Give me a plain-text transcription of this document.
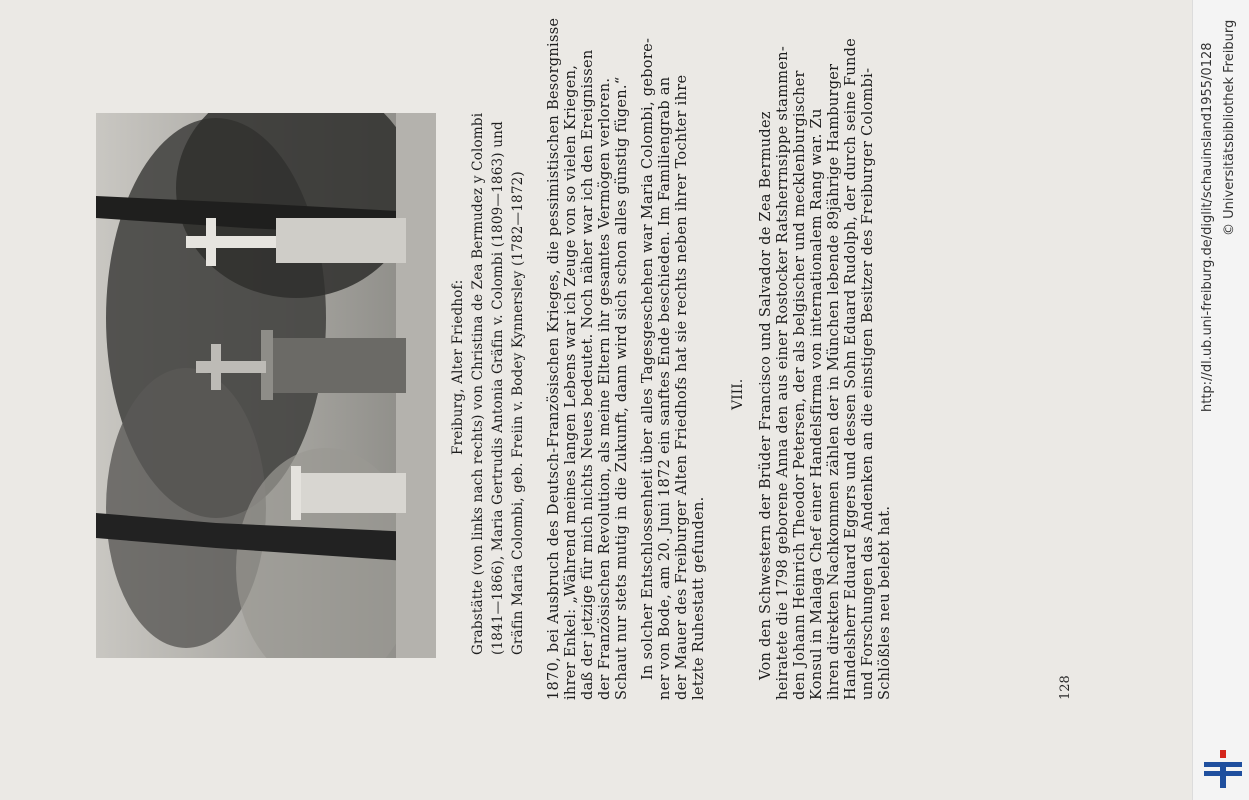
Freiburg, Alter Friedhof: Grabstätte (von links nach rechts) von Christina de Zea Bermudez y Colombi (1841—1866), Maria Gertrudis Antonia Gräfin v. Colombi (1809—1863) und Gräfin Maria Colombi, geb. Freiin v. Bodey Kynnersley (1782—1872) 1870, bei Ausbruch des Deutsch-Französischen Krieges, die pessimistischen Besorgnisse ihrer Enkel: „Während meines langen Lebens war ich Zeuge von so vielen Kriegen, daß der jetzige für mich nichts Neues bedeutet. Noch näher war ich den Ereignissen der Französischen Revolution, als meine Eltern ihr gesamtes Vermögen verloren. Schaut nur stets mutig in die Zukunft, dann wird sich schon alles günstig fügen.“ In solcher Entschlossenheit über alles Tagesgeschehen war Maria Colombi, gebore- ner von Bode, am 20. Juni 1872 ein sanftes Ende beschieden. Im Familiengrab an der Mauer des Freiburger Alten Friedhofs hat sie rechts neben ihrer Tochter ihre letzte Ruhestatt gefunden.
VIII. Von den Schwestern der Brüder Francisco und Salvador de Zea Bermudez heiratete die 1798 geborene Anna den aus einer Rostocker Ratsherrnsippe stammen- den Johann Heinrich Theodor Petersen, der als belgischer und mecklenburgischer Konsul in Malaga Chef einer Handelsfirma von internationalem Rang war. Zu ihren direkten Nachkommen zählen der in München lebende 89jährige Hamburger Handelsherr Eduard Eggers und dessen Sohn Eduard Rudolph, der durch seine Funde und Forschungen das Andenken an die einstigen Besitzer des Freiburger Colombi- Schlößles neu belebt hat.	128
http://dl.ub.uni-freiburg.de/diglit/schauinsland1955/0128 © Universitätsbibliothek Freiburg
